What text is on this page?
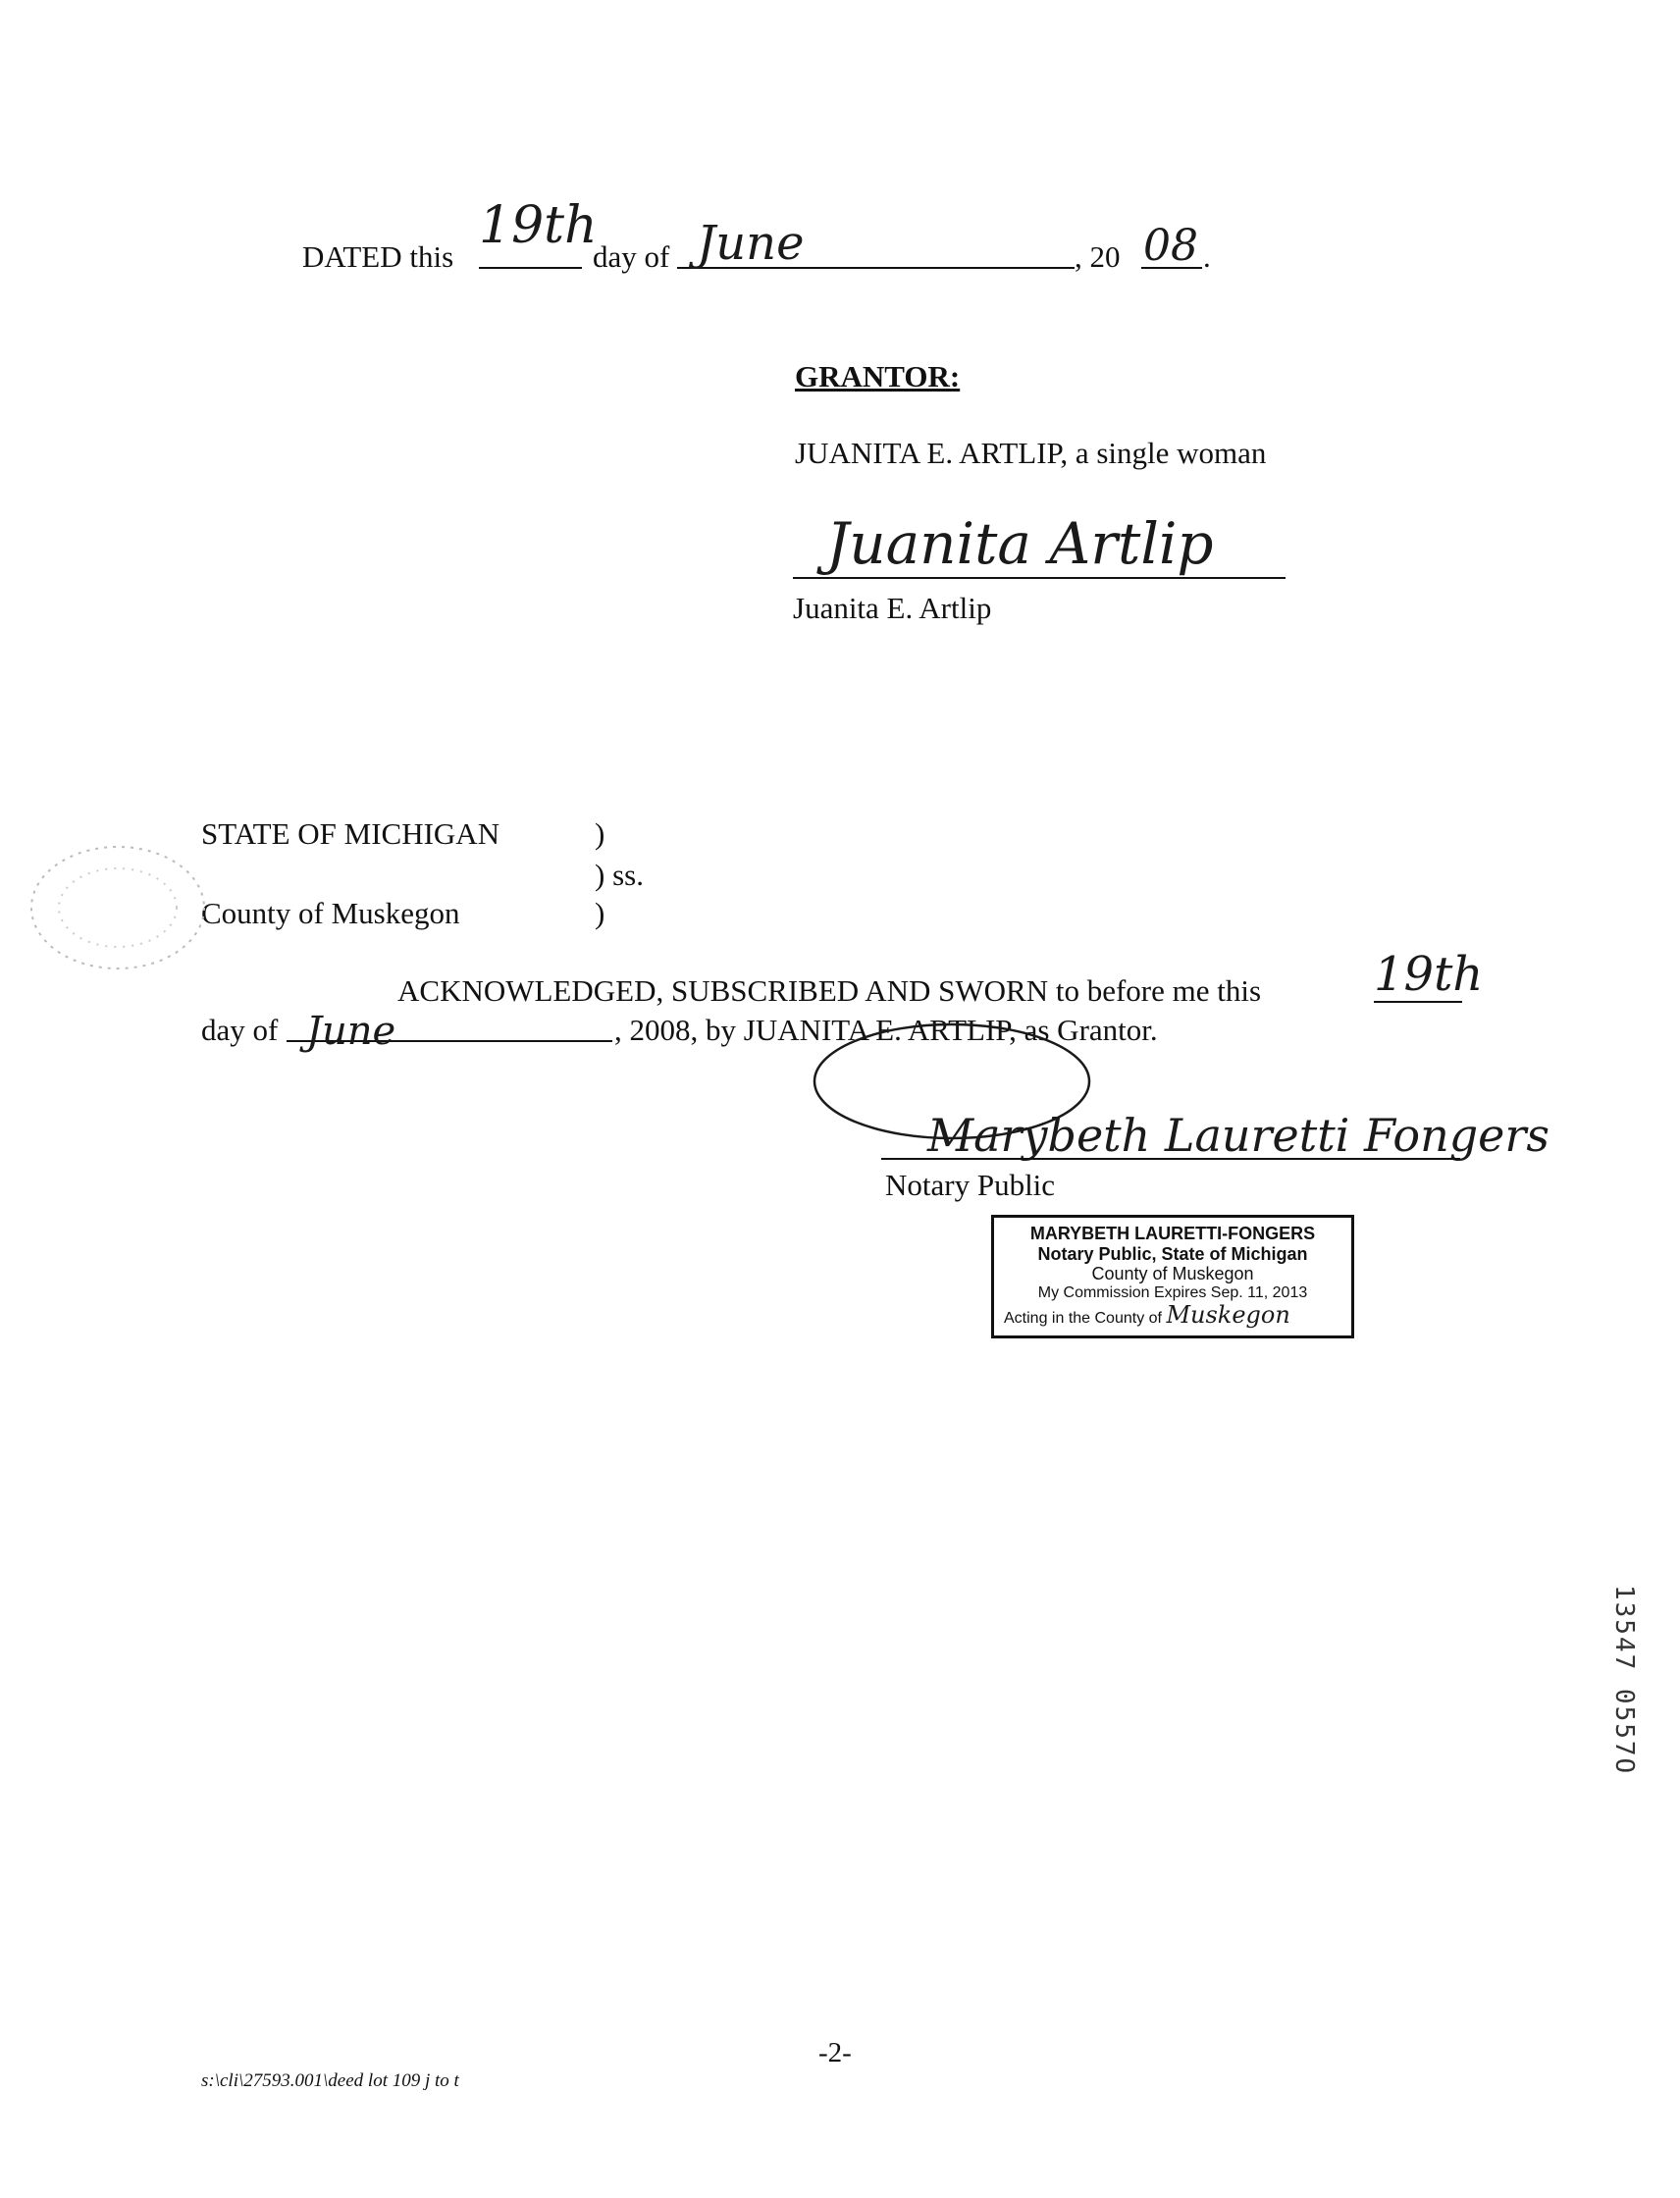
DATED this
19th
day of June	, 20 08 .
GRANTOR:
JUANITA E. ARTLIP, a single woman
Juanita Artlip
Juanita E. Artlip
STATE OF MICHIGAN	)
) ss.
County of Muskegon	)
ACKNOWLEDGED, SUBSCRIBED AND SWORN to before me this 19th
day of June	, 2008, by JUANITA E. ARTLIP, as Grantor.
Marybeth Lauretti Fongers
Notary Public
MARYBETH LAURETTI-FONGERS
Notary Public, State of Michigan
County of Muskegon
My Commission Expires Sep. 11, 2013
Acting in the County of Muskegon
13547 0557O
-2-
s:\cli\27593.001\deed lot 109 j to t
